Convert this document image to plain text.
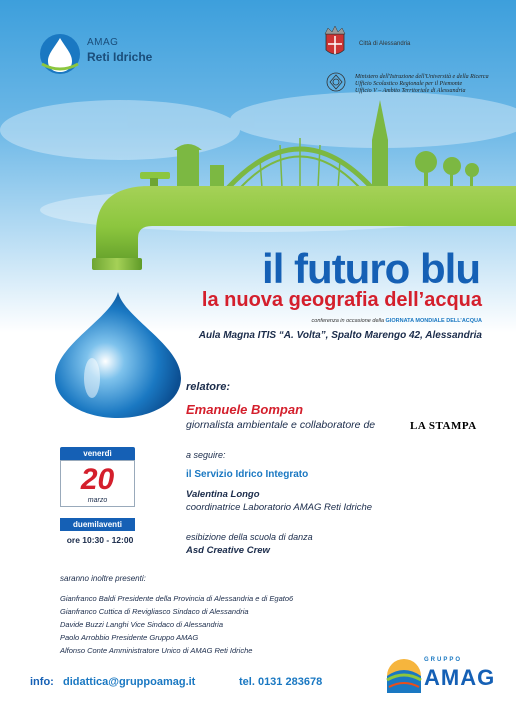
AMAG
Reti Idriche
Città di Alessandria
Ministero dell'Istruzione dell'Università e della Ricerca
Ufficio Scolastico Regionale per il Piemonte
Ufficio V – Ambito Territoriale di Alessandria
il futuro blu
la nuova geografia dell’acqua
conferenza in occasione della GIORNATA MONDIALE DELL’ACQUA
Aula Magna ITIS “A. Volta”, Spalto Marengo 42, Alessandria
relatore:
Emanuele Bompan
giornalista ambientale e collaboratore de	LA STAMPA
venerdì
20
marzo
duemilaventi
ore 10:30 - 12:00
a seguire:
il Servizio Idrico Integrato
Valentina Longo
coordinatrice Laboratorio AMAG Reti Idriche
esibizione della scuola di danza
Asd Creative Crew
saranno inoltre presenti:
Gianfranco Baldi Presidente della Provincia di Alessandria e di Egato6
Gianfranco Cuttica di Revigliasco Sindaco di Alessandria
Davide Buzzi Langhi Vice Sindaco di Alessandria
Paolo Arrobbio Presidente Gruppo AMAG
Alfonso Conte Amministratore Unico di AMAG Reti Idriche
info: didattica@gruppoamag.it	tel. 0131 283678
GRUPPO
AMAG
